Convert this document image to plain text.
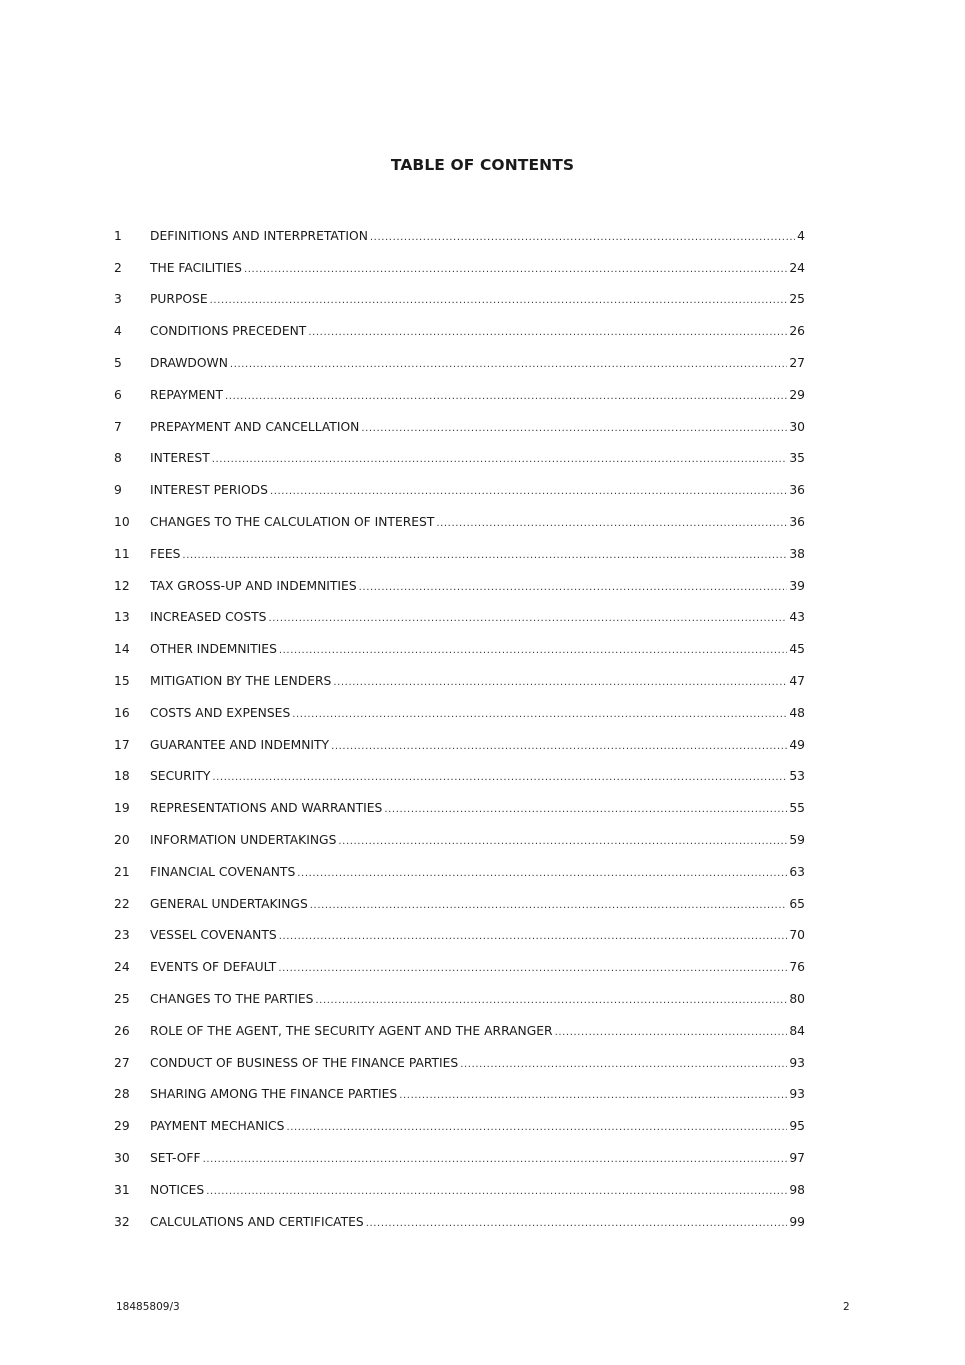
TABLE OF CONTENTS
1	DEFINITIONS AND INTERPRETATION .....	4
2	THE FACILITIES .....	24
3	PURPOSE .....	25
4	CONDITIONS PRECEDENT .....	26
5	DRAWDOWN .....	27
6	REPAYMENT .....	29
7	PREPAYMENT AND CANCELLATION .....	30
8	INTEREST .....	35
9	INTEREST PERIODS .....	36
10	CHANGES TO THE CALCULATION OF INTEREST .....	36
11	FEES .....	38
12	TAX GROSS-UP AND INDEMNITIES .....	39
13	INCREASED COSTS .....	43
14	OTHER INDEMNITIES .....	45
15	MITIGATION BY THE LENDERS .....	47
16	COSTS AND EXPENSES .....	48
17	GUARANTEE AND INDEMNITY .....	49
18	SECURITY .....	53
19	REPRESENTATIONS AND WARRANTIES .....	55
20	INFORMATION UNDERTAKINGS .....	59
21	FINANCIAL COVENANTS .....	63
22	GENERAL UNDERTAKINGS .....	65
23	VESSEL COVENANTS .....	70
24	EVENTS OF DEFAULT .....	76
25	CHANGES TO THE PARTIES .....	80
26	ROLE OF THE AGENT, THE SECURITY AGENT AND THE ARRANGER .....	84
27	CONDUCT OF BUSINESS OF THE FINANCE PARTIES .....	93
28	SHARING AMONG THE FINANCE PARTIES .....	93
29	PAYMENT MECHANICS .....	95
30	SET-OFF .....	97
31	NOTICES .....	98
32	CALCULATIONS AND CERTIFICATES .....	99
18485809/3	2
